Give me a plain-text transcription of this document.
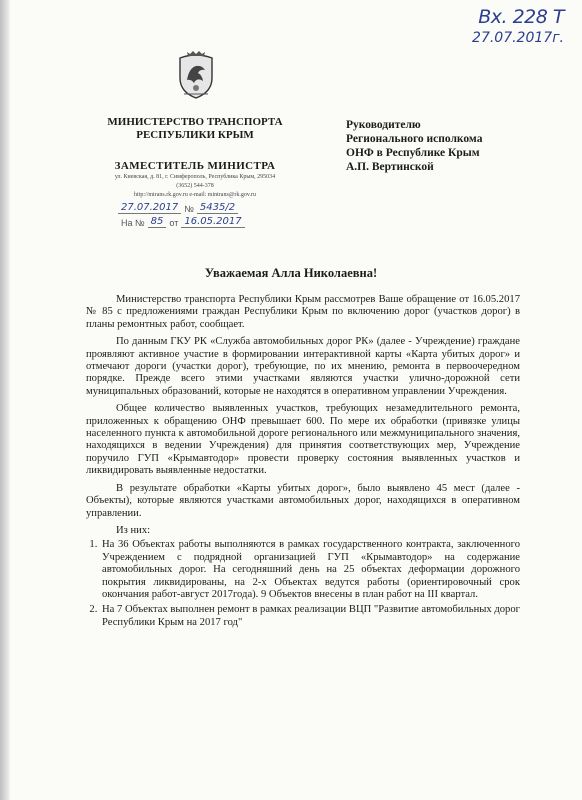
Вх. 228 Т
27.07.2017г.
МИНИСТЕРСТВО ТРАНСПОРТА
РЕСПУБЛИКИ КРЫМ
ЗАМЕСТИТЕЛЬ МИНИСТРА
ул. Киевская, д. 81, г. Симферополь, Республика Крым, 295034
(3652) 544-378
http://mtrans.rk.gov.ru e-mail: mintrans@rk.gov.ru
27.07.2017 № 5435/2
На № 85 от 16.05.2017
Руководителю
Регионального исполкома
ОНФ в Республике Крым
А.П. Вертинской
Уважаемая Алла Николаевна!

Министерство транспорта Республики Крым рассмотрев Ваше обращение от 16.05.2017 № 85 с предложениями граждан Республики Крым по включению дорог (участков дорог) в планы ремонтных работ, сообщает.

По данным ГКУ РК «Служба автомобильных дорог РК» (далее - Учреждение) граждане проявляют активное участие в формировании интерактивной карты «Карта убитых дорог» и отмечают дороги (участки дорог), требующие, по их мнению, ремонта в первоочередном порядке. Прежде всего этими участками являются участки улично-дорожной сети муниципальных образований, которые не находятся в оперативном управлении Учреждения.

Общее количество выявленных участков, требующих незамедлительного ремонта, приложенных к обращению ОНФ превышает 600. По мере их обработки (привязке улицы населенного пункта к автомобильной дороге регионального или межмуниципального значения, находящихся в ведении Учреждения) для принятия соответствующих мер, Учреждение поручило ГУП «Крымавтодор» провести проверку состояния выявленных участков и ликвидировать выявленные недостатки.

В результате обработки «Карты убитых дорог», было выявлено 45 мест (далее - Объекты), которые являются участками автомобильных дорог, находящихся в оперативном управлении.

Из них:

1. На 36 Объектах работы выполняются в рамках государственного контракта, заключенного Учреждением с подрядной организацией ГУП «Крымавтодор» на содержание автомобильных дорог. На сегодняшний день на 25 объектах деформации дорожного покрытия ликвидированы, на 2-х Объектах ведутся работы (ориентировочный срок окончания работ-август 2017года). 9 Объектов внесены в план работ на III квартал.
2. На 7 Объектах выполнен ремонт в рамках реализации ВЦП "Развитие автомобильных дорог Республики Крым на 2017 год"
